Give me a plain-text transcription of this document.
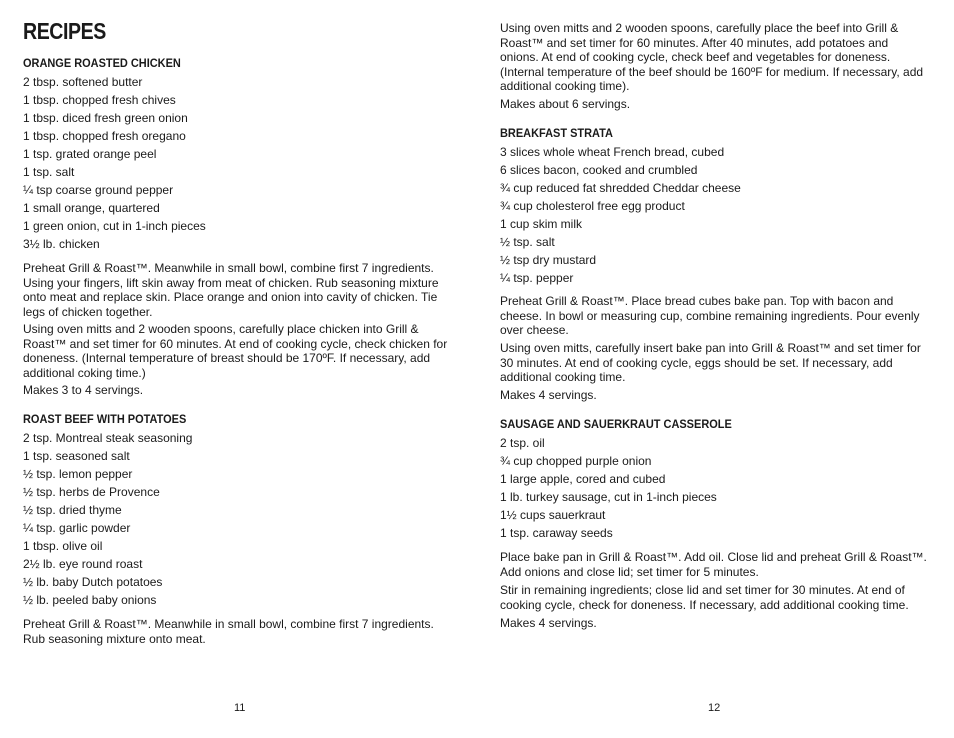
RECIPES
ORANGE ROASTED CHICKEN
2 tbsp. softened butter
1 tbsp. chopped fresh chives
1 tbsp. diced fresh green onion
1 tbsp. chopped fresh oregano
1 tsp. grated orange peel
1 tsp. salt
¼ tsp coarse ground pepper
1 small orange, quartered
1 green onion, cut in 1-inch pieces
3½ lb. chicken

Preheat Grill & Roast™. Meanwhile in small bowl, combine first 7 ingredients. Using your fingers, lift skin away from meat of chicken. Rub seasoning mixture onto meat and replace skin. Place orange and onion into cavity of chicken. Tie legs of chicken together.

Using oven mitts and 2 wooden spoons, carefully place chicken into Grill & Roast™ and set timer for 60 minutes. At end of cooking cycle, check chicken for doneness. (Internal temperature of breast should be 170ºF. If necessary, add additional coking time.)

Makes 3 to 4 servings.

ROAST BEEF WITH POTATOES
2 tsp. Montreal steak seasoning
1 tsp. seasoned salt
½ tsp. lemon pepper
½ tsp. herbs de Provence
½ tsp. dried thyme
¼ tsp. garlic powder
1 tbsp. olive oil
2½ lb. eye round roast
½ lb. baby Dutch potatoes
½ lb. peeled baby onions

Preheat Grill & Roast™. Meanwhile in small bowl, combine first 7 ingredients. Rub seasoning mixture onto meat.

11

Using oven mitts and 2 wooden spoons, carefully place the beef into Grill & Roast™ and set timer for 60 minutes. After 40 minutes, add potatoes and onions. At end of cooking cycle, check beef and vegetables for doneness. (Internal temperature of the beef should be 160ºF for medium. If necessary, add additional cooking time).

Makes about 6 servings.

BREAKFAST STRATA
3 slices whole wheat French bread, cubed
6 slices bacon, cooked and crumbled
¾ cup reduced fat shredded Cheddar cheese
¾ cup cholesterol free egg product
1 cup skim milk
½ tsp. salt
½ tsp dry mustard
¼ tsp. pepper

Preheat Grill & Roast™. Place bread cubes bake pan. Top with bacon and cheese. In bowl or measuring cup, combine remaining ingredients. Pour evenly over cheese.

Using oven mitts, carefully insert bake pan into Grill & Roast™ and set timer for 30 minutes. At end of cooking cycle, eggs should be set. If necessary, add additional cooking time.

Makes 4 servings.

SAUSAGE AND SAUERKRAUT CASSEROLE
2 tsp. oil
¾ cup chopped purple onion
1 large apple, cored and cubed
1 lb. turkey sausage, cut in 1-inch pieces
1½ cups sauerkraut
1 tsp. caraway seeds

Place bake pan in Grill & Roast™. Add oil. Close lid and preheat Grill & Roast™. Add onions and close lid; set timer for 5 minutes.

Stir in remaining ingredients; close lid and set timer for 30 minutes. At end of cooking cycle, check for doneness. If necessary, add additional cooking time.

Makes 4 servings.

12
